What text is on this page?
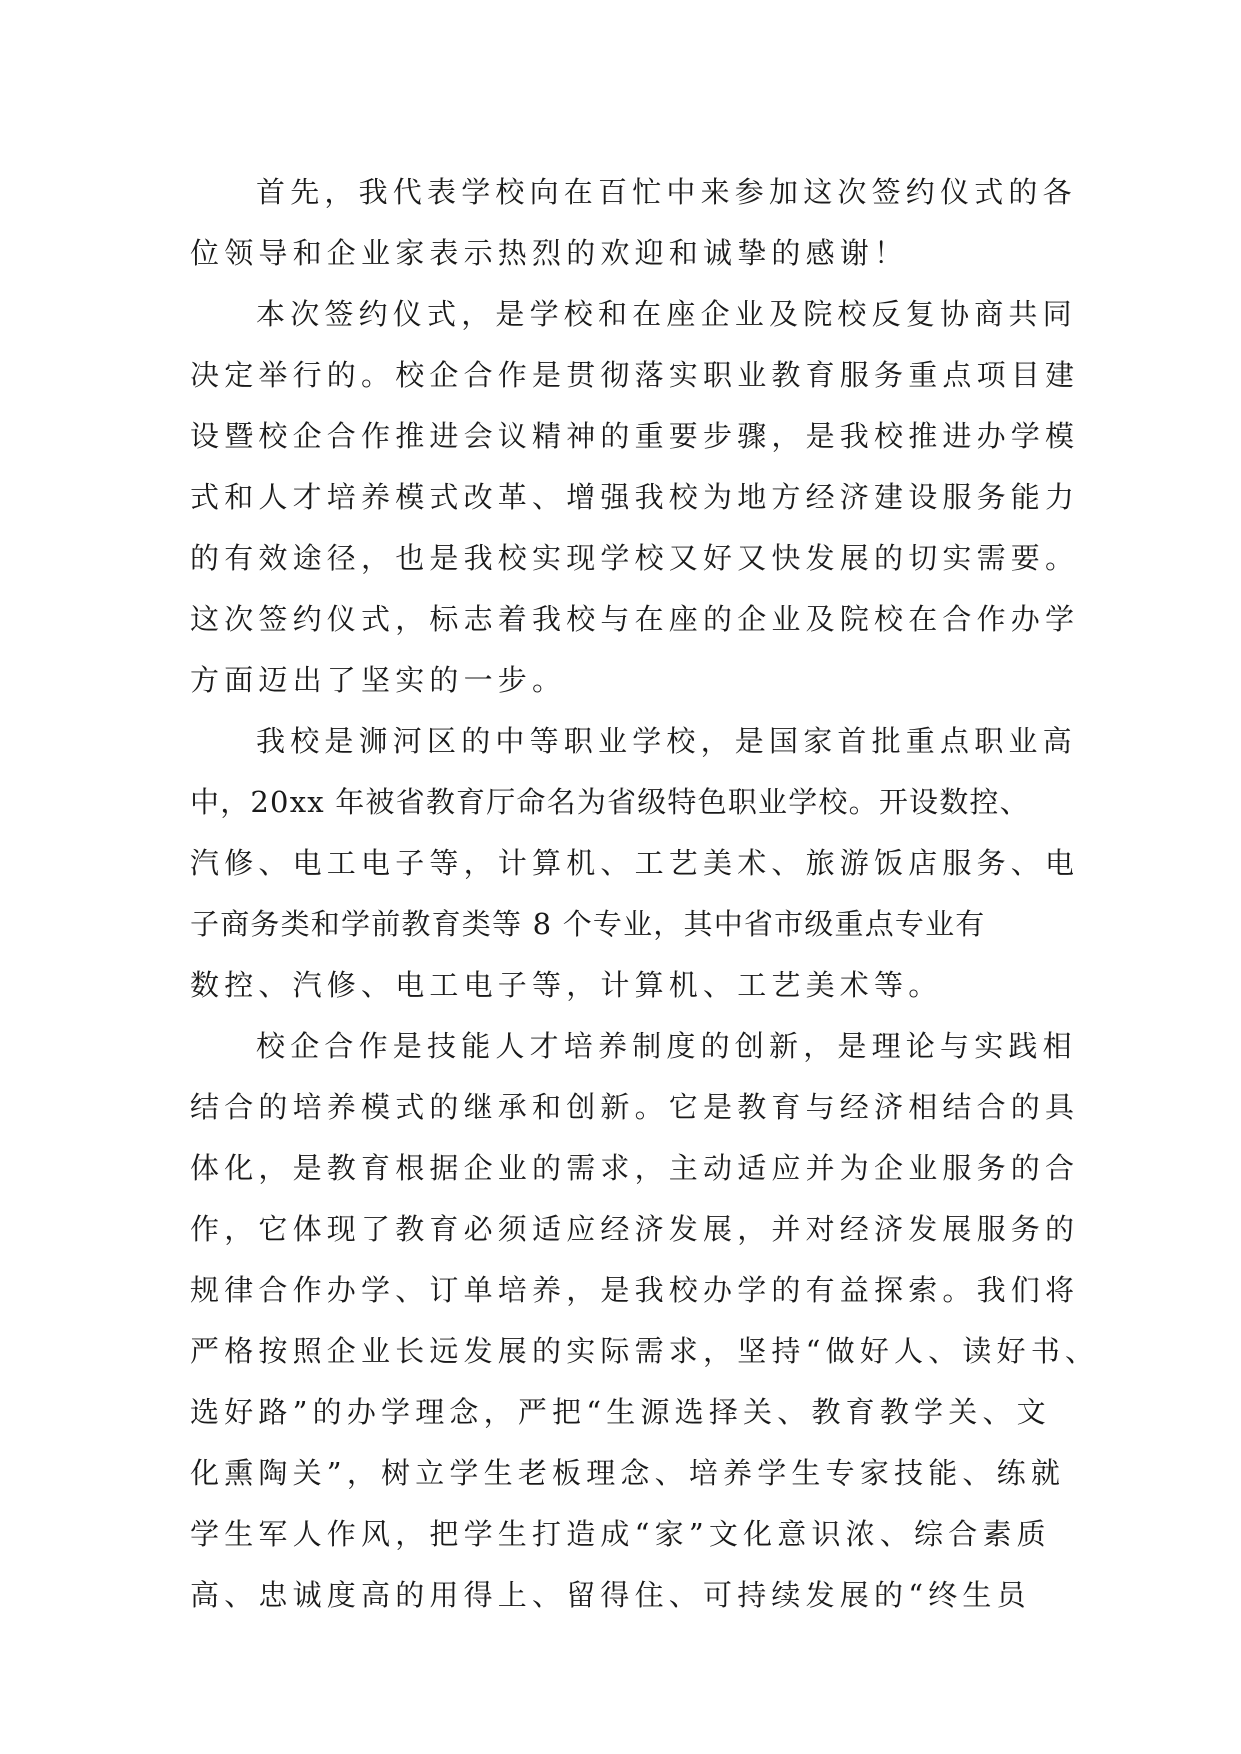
首先，我代表学校向在百忙中来参加这次签约仪式的各
位领导和企业家表示热烈的欢迎和诚挚的感谢！
本次签约仪式，是学校和在座企业及院校反复协商共同
决定举行的。校企合作是贯彻落实职业教育服务重点项目建
设暨校企合作推进会议精神的重要步骤，是我校推进办学模
式和人才培养模式改革、增强我校为地方经济建设服务能力
的有效途径，也是我校实现学校又好又快发展的切实需要。
这次签约仪式，标志着我校与在座的企业及院校在合作办学
方面迈出了坚实的一步。
我校是浉河区的中等职业学校，是国家首批重点职业高
中，20xx 年被省教育厅命名为省级特色职业学校。开设数控、
汽修、电工电子等，计算机、工艺美术、旅游饭店服务、电
子商务类和学前教育类等 8 个专业，其中省市级重点专业有
数控、汽修、电工电子等，计算机、工艺美术等。
校企合作是技能人才培养制度的创新，是理论与实践相
结合的培养模式的继承和创新。它是教育与经济相结合的具
体化，是教育根据企业的需求，主动适应并为企业服务的合
作，它体现了教育必须适应经济发展，并对经济发展服务的
规律合作办学、订单培养，是我校办学的有益探索。我们将
严格按照企业长远发展的实际需求，坚持“做好人、读好书、
选好路”的办学理念，严把“生源选择关、教育教学关、文
化熏陶关”，树立学生老板理念、培养学生专家技能、练就
学生军人作风，把学生打造成“家”文化意识浓、综合素质
高、忠诚度高的用得上、留得住、可持续发展的“终生员
